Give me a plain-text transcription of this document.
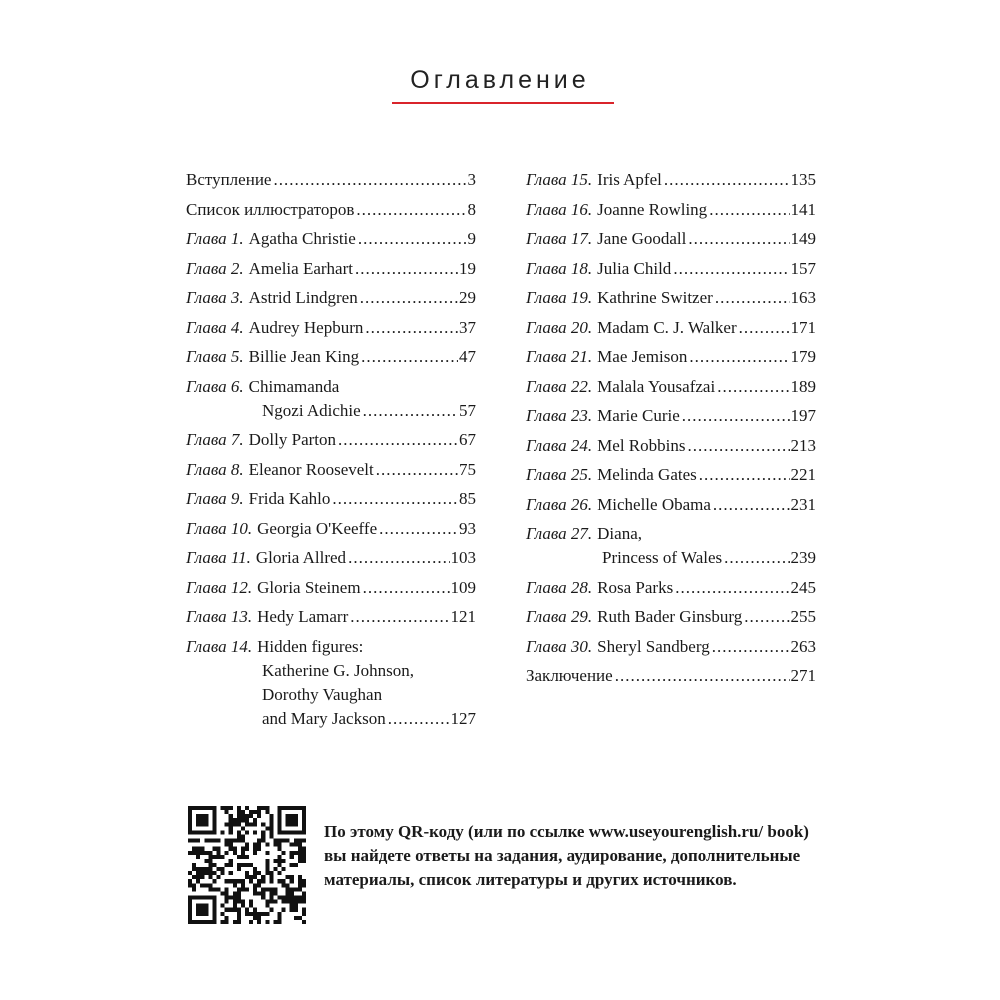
Оглавление
Вступление .....	3
Список иллюстраторов .....	8
Глава 1. Agatha Christie .....	9
Глава 2. Amelia Earhart .....	19
Глава 3. Astrid Lindgren .....	29
Глава 4. Audrey Hepburn .....	37
Глава 5. Billie Jean King .....	47
Глава 6. Chimamanda
Ngozi Adichie .....	57
Глава 7. Dolly Parton .....	67
Глава 8. Eleanor Roosevelt .....	75
Глава 9. Frida Kahlo .....	85
Глава 10. Georgia O'Keeffe .....	93
Глава 11. Gloria Allred .....	103
Глава 12. Gloria Steinem .....	109
Глава 13. Hedy Lamarr .....	121
Глава 14. Hidden figures:
Katherine G. Johnson,
Dorothy Vaughan
and Mary Jackson .....	127
Глава 15. Iris Apfel .....	135
Глава 16. Joanne Rowling .....	141
Глава 17. Jane Goodall .....	149
Глава 18. Julia Child .....	157
Глава 19. Kathrine Switzer .....	163
Глава 20. Madam C. J. Walker .....	171
Глава 21. Mae Jemison .....	179
Глава 22. Malala Yousafzai .....	189
Глава 23. Marie Curie .....	197
Глава 24. Mel Robbins .....	213
Глава 25. Melinda Gates .....	221
Глава 26. Michelle Obama .....	231
Глава 27. Diana,
Princess of Wales .....	239
Глава 28. Rosa Parks .....	245
Глава 29. Ruth Bader Ginsburg .....	255
Глава 30. Sheryl Sandberg .....	263
Заключение .....	271
По этому QR-коду (или по ссылке www.useyourenglish.ru/ book) вы найдете ответы на задания, аудирование, дополнительные материалы, список литературы и других источников.
